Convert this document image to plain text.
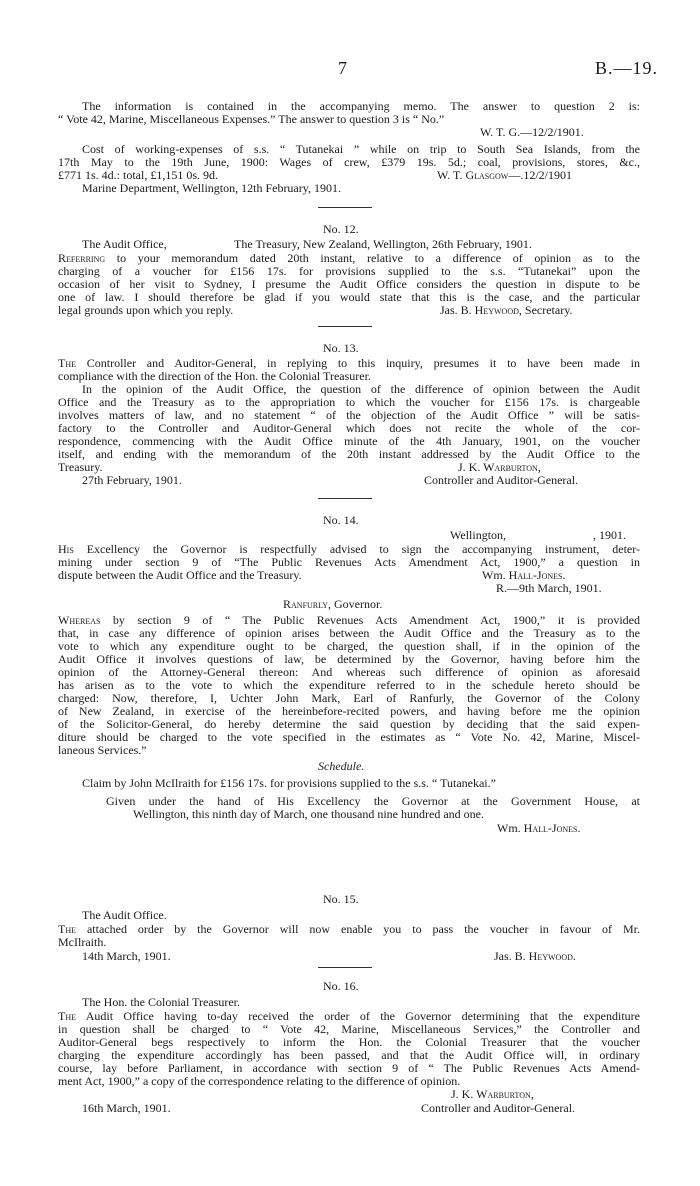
7	B.—19.
The information is contained in the accompanying memo. The answer to question 2 is:
“ Vote 42, Marine, Miscellaneous Expenses.” The answer to question 3 is “ No.”
W. T. G.—12/2/1901.
Cost of working-expenses of s.s. “ Tutanekai ” while on trip to South Sea Islands, from the
17th May to the 19th June, 1900: Wages of crew, £379 19s. 5d.; coal, provisions, stores, &c.,
£771 1s. 4d.: total, £1,151 0s. 9d.	W. T. Glasgow—.12/2/1901
Marine Department, Wellington, 12th February, 1901.
No. 12.
The Audit Office,	The Treasury, New Zealand, Wellington, 26th February, 1901.
Referring to your memorandum dated 20th instant, relative to a difference of opinion as to the
charging of a voucher for £156 17s. for provisions supplied to the s.s. “Tutanekai” upon the
occasion of her visit to Sydney, I presume the Audit Office considers the question in dispute to be
one of law. I should therefore be glad if you would state that this is the case, and the particular
legal grounds upon which you reply.	Jas. B. Heywood, Secretary.
No. 13.
The Controller and Auditor-General, in replying to this inquiry, presumes it to have been made in
compliance with the direction of the Hon. the Colonial Treasurer.
In the opinion of the Audit Office, the question of the difference of opinion between the Audit
Office and the Treasury as to the appropriation to which the voucher for £156 17s. is chargeable
involves matters of law, and no statement “ of the objection of the Audit Office ” will be satis-
factory to the Controller and Auditor-General which does not recite the whole of the cor-
respondence, commencing with the Audit Office minute of the 4th January, 1901, on the voucher
itself, and ending with the memorandum of the 20th instant addressed by the Audit Office to the
Treasury.	J. K. Warburton,
27th February, 1901.	Controller and Auditor-General.
No. 14.
Wellington,	, 1901.
His Excellency the Governor is respectfully advised to sign the accompanying instrument, deter-
mining under section 9 of “The Public Revenues Acts Amendment Act, 1900,” a question in
dispute between the Audit Office and the Treasury.	Wm. Hall-Jones.
R.—9th March, 1901.
Ranfurly, Governor.
Whereas by section 9 of “ The Public Revenues Acts Amendment Act, 1900,” it is provided
that, in case any difference of opinion arises between the Audit Office and the Treasury as to the
vote to which any expenditure ought to be charged, the question shall, if in the opinion of the
Audit Office it involves questions of law, be determined by the Governor, having before him the
opinion of the Attorney-General thereon: And whereas such difference of opinion as aforesaid
has arisen as to the vote to which the expenditure referred to in the schedule hereto should be
charged: Now, therefore, I, Uchter John Mark, Earl of Ranfurly, the Governor of the Colony
of New Zealand, in exercise of the hereinbefore-recited powers, and having before me the opinion
of the Solicitor-General, do hereby determine the said question by deciding that the said expen-
diture should be charged to the vote specified in the estimates as “ Vote No. 42, Marine, Miscel-
laneous Services.”
Schedule.
Claim by John McIlraith for £156 17s. for provisions supplied to the s.s. “ Tutanekai.”
Given under the hand of His Excellency the Governor at the Government House, at
Wellington, this ninth day of March, one thousand nine hundred and one.
Wm. Hall-Jones.
No. 15.
The Audit Office.
The attached order by the Governor will now enable you to pass the voucher in favour of Mr.
McIlraith.
14th March, 1901.	Jas. B. Heywood.
No. 16.
The Hon. the Colonial Treasurer.
The Audit Office having to-day received the order of the Governor determining that the expenditure
in question shall be charged to “ Vote 42, Marine, Miscellaneous Services,” the Controller and
Auditor-General begs respectively to inform the Hon. the Colonial Treasurer that the voucher
charging the expenditure accordingly has been passed, and that the Audit Office will, in ordinary
course, lay before Parliament, in accordance with section 9 of “ The Public Revenues Acts Amend-
ment Act, 1900,” a copy of the correspondence relating to the difference of opinion.
J. K. Warburton,
16th March, 1901.	Controller and Auditor-General.
